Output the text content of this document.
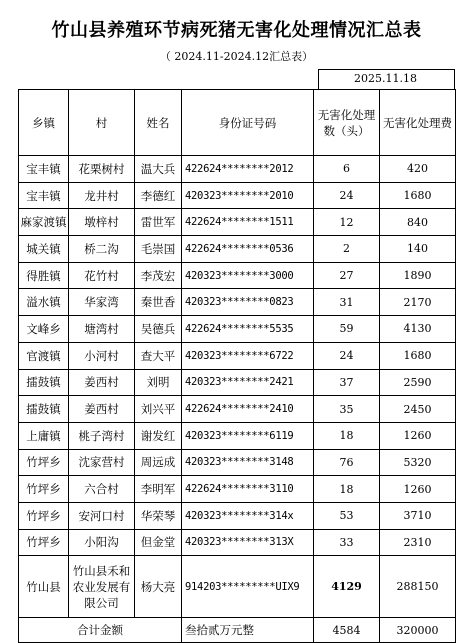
竹山县养殖环节病死猪无害化处理情况汇总表
（ 2024.11-2024.12汇总表）
2025.11.18
乡镇	村	姓名	身份证号码	无害化处理数（头）	无害化处理费
宝丰镇	花栗树村	温大兵	422624********2012	6	420
宝丰镇	龙井村	李德红	420323********2010	24	1680
麻家渡镇	墩梓村	雷世军	422624********1511	12	840
城关镇	桥二沟	毛崇国	422624********0536	2	140
得胜镇	花竹村	李茂宏	420323********3000	27	1890
溢水镇	华家湾	秦世香	420323********0823	31	2170
文峰乡	塘湾村	吴德兵	422624********5535	59	4130
官渡镇	小河村	查大平	420323********6722	24	1680
擂鼓镇	姜西村	刘明	420323********2421	37	2590
擂鼓镇	姜西村	刘兴平	422624********2410	35	2450
上庸镇	桃子湾村	谢发红	420323********6119	18	1260
竹坪乡	沈家营村	周远成	420323********3148	76	5320
竹坪乡	六合村	李明军	422624********3110	18	1260
竹坪乡	安河口村	华荣琴	420323********314x	53	3710
竹坪乡	小阳沟	但金堂	420323********313X	33	2310
竹山县	竹山县禾和农业发展有限公司	杨大亮	914203*********UIX9	4129	288150
合计金额			叁拾贰万元整	4584	320000
